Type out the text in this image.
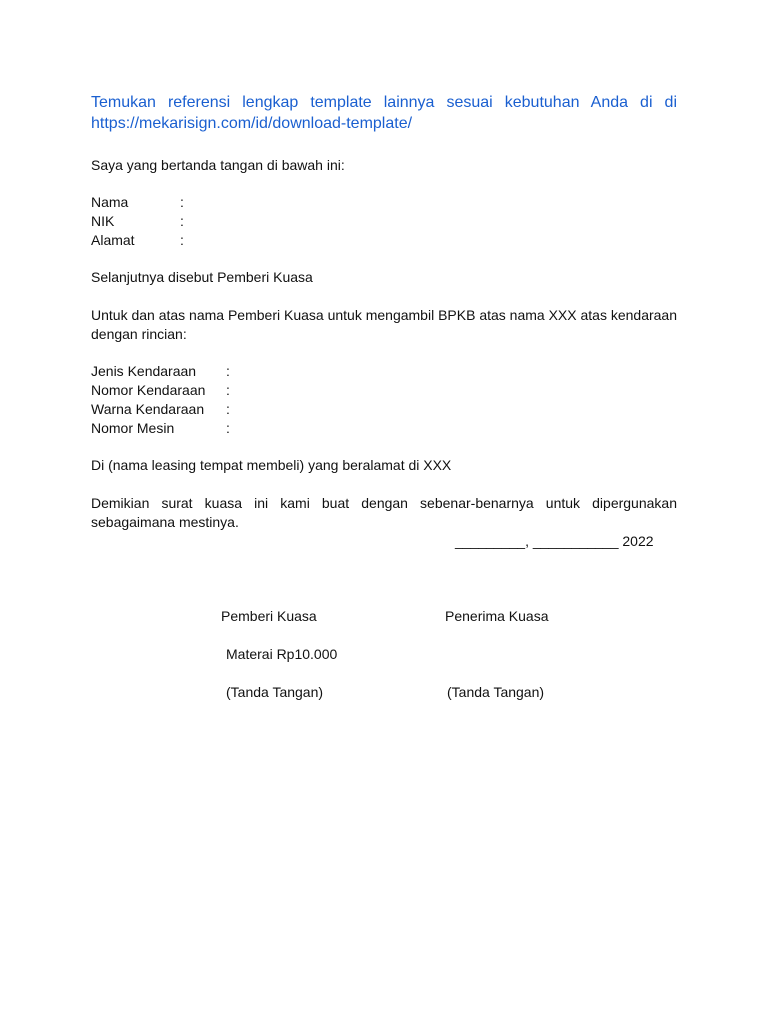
Temukan referensi lengkap template lainnya sesuai kebutuhan Anda di di
https://mekarisign.com/id/download-template/
Saya yang bertanda tangan di bawah ini:
Nama	:
NIK	:
Alamat	:
Selanjutnya disebut Pemberi Kuasa
Untuk dan atas nama Pemberi Kuasa untuk mengambil BPKB atas nama XXX atas kendaraan
dengan rincian:
Jenis Kendaraan :
Nomor Kendaraan :
Warna Kendaraan :
Nomor Mesin	:
Di (nama leasing tempat membeli) yang beralamat di XXX
Demikian surat kuasa ini kami buat dengan sebenar-benarnya untuk dipergunakan
sebagaimana mestinya.
_________, ___________ 2022
Pemberi Kuasa	Penerima Kuasa
Materai Rp10.000
(Tanda Tangan)	(Tanda Tangan)
